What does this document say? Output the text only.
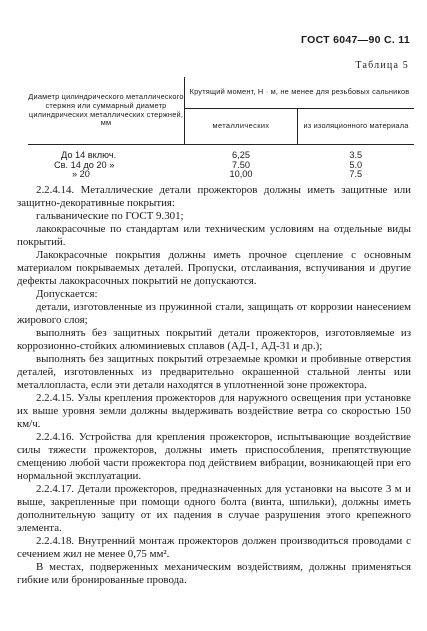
ГОСТ 6047—90 С. 11
Таблица 5
Диаметр цилиндрического металлического стержня или суммарный диаметр цилиндрических металлических стержней, мм	Крутящий момент, Н · м, не менее для резьбовых сальников	
	металлических	из изоляционного материала
До 14 включ.	6,25	3.5
Св. 14 до 20 »	7.50	5.0
» 20	10,00	7.5

2.2.4.14. Металлические детали прожекторов должны иметь защитные или защитно-декоративные покрытия:

гальванические по ГОСТ 9.301;

лакокрасочные по стандартам или техническим условиям на отдельные виды покрытий.

Лакокрасочные покрытия должны иметь прочное сцепление с основным материалом покрываемых деталей. Пропуски, отслаивания, вспучивания и другие дефекты лакокрасочных покрытий не допускаются.

Допускается:

детали, изготовленные из пружинной стали, защищать от коррозии нанесением жирового слоя;

выполнять без защитных покрытий детали прожекторов, изготовляемые из коррозионно-стойких алюминиевых сплавов (АД-1, АД-31 и др.);

выполнять без защитных покрытий отрезаемые кромки и пробивные отверстия деталей, изготовленных из предварительно окрашенной стальной ленты или металлопласта, если эти детали находятся в уплотненной зоне прожектора.

2.2.4.15. Узлы крепления прожекторов для наружного освещения при установке их выше уровня земли должны выдерживать воздействие ветра со скоростью 150 км/ч.

2.2.4.16. Устройства для крепления прожекторов, испытывающие воздействие силы тяжести прожекторов, должны иметь приспособления, препятствующие смещению любой части прожектора под действием вибрации, возникающей при его нормальной эксплуатации.

2.2.4.17. Детали прожекторов, предназначенных для установки на высоте 3 м и выше, закрепленные при помощи одного болта (винта, шпильки), должны иметь дополнительную защиту от их падения в случае разрушения этого крепежного элемента.

2.2.4.18. Внутренний монтаж прожекторов должен производиться проводами с сечением жил не менее 0,75 мм².

В местах, подверженных механическим воздействиям, должны применяться гибкие или бронированные провода.
